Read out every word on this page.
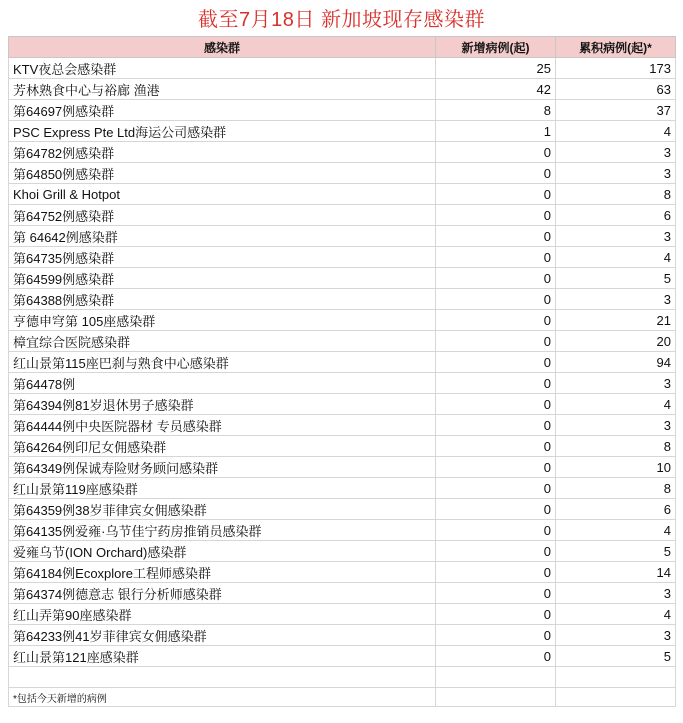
截至7月18日 新加坡现存感染群
感染群	新增病例(起)	累积病例(起)*
KTV夜总会感染群	25	173
芳林熟食中心与裕廊 渔港	42	63
第64697例感染群	8	37
PSC Express Pte Ltd海运公司感染群	1	4
第64782例感染群	0	3
第64850例感染群	0	3
Khoi Grill & Hotpot	0	8
第64752例感染群	0	6
第 64642例感染群	0	3
第64735例感染群	0	4
第64599例感染群	0	5
第64388例感染群	0	3
亨德申穹第 105座感染群	0	21
樟宜综合医院感染群	0	20
红山景第115座巴刹与熟食中心感染群	0	94
第64478例	0	3
第64394例81岁退休男子感染群	0	4
第64444例中央医院器材 专员感染群	0	3
第64264例印尼女佣感染群	0	8
第64349例保诚寿险财务顾问感染群	0	10
红山景第119座感染群	0	8
第64359例38岁菲律宾女佣感染群	0	6
第64135例爱雍·乌节佳宁药房推销员感染群	0	4
爱雍乌节(ION Orchard)感染群	0	5
第64184例Ecoxplore工程师感染群	0	14
第64374例德意志 银行分析师感染群	0	3
红山弄第90座感染群	0	4
第64233例41岁菲律宾女佣感染群	0	3
红山景第121座感染群	0	5

*包括今天新增的病例		
